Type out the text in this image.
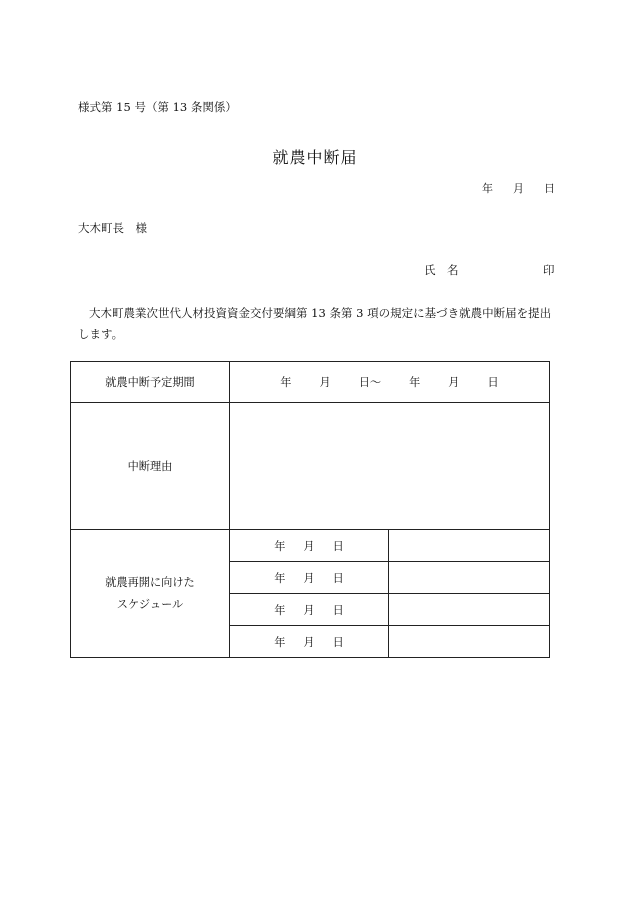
様式第 15 号（第 13 条関係）
就農中断届
年 月 日
大木町長　様
氏　名	印
大木町農業次世代人材投資資金交付要綱第 13 条第 3 項の規定に基づき就農中断届を提出します。
就農中断予定期間	年 月 日〜 年 月 日	
中断理由		

就農再開に向けた
スケジュール	年 月 日	
	年 月 日	
	年 月 日	
	年 月 日	
